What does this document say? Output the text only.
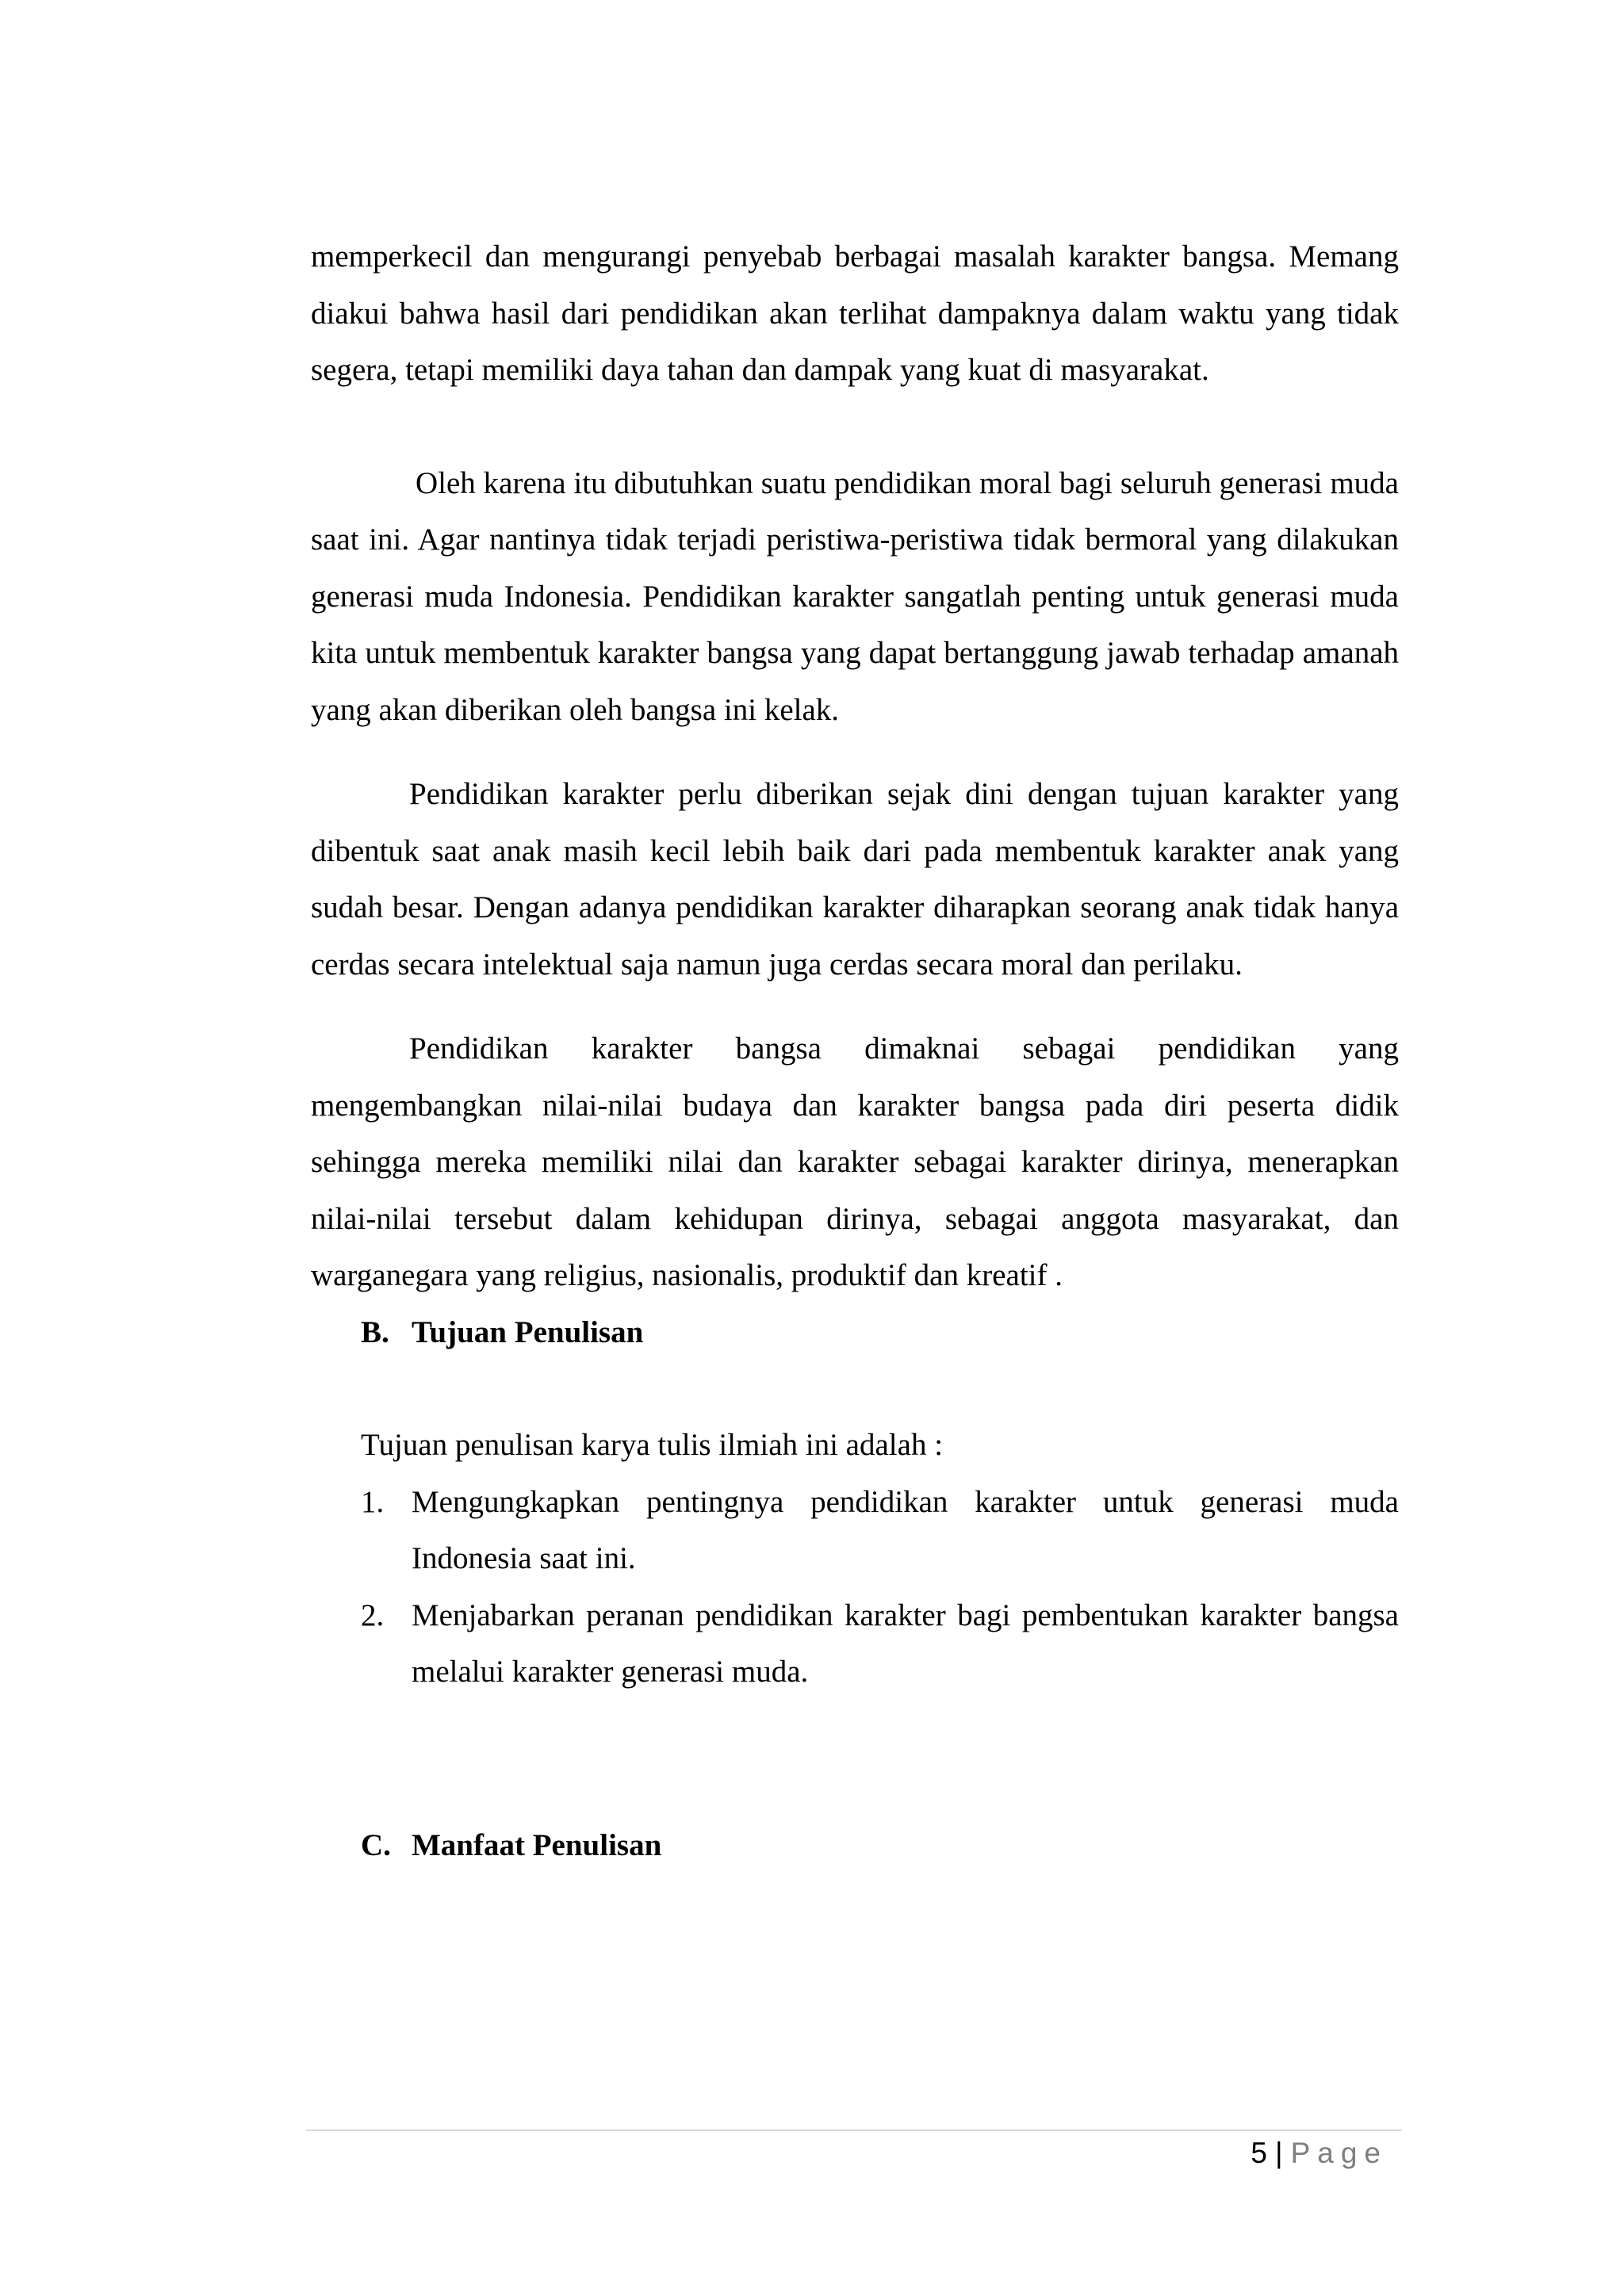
memperkecil dan mengurangi penyebab berbagai masalah karakter bangsa. Memang diakui bahwa hasil dari pendidikan akan terlihat dampaknya dalam waktu yang tidak segera, tetapi memiliki daya tahan dan dampak yang kuat di masyarakat.

Oleh karena itu dibutuhkan suatu pendidikan moral bagi seluruh generasi muda saat ini. Agar nantinya tidak terjadi peristiwa-peristiwa tidak bermoral yang dilakukan generasi muda Indonesia. Pendidikan karakter sangatlah penting untuk generasi muda kita untuk membentuk karakter bangsa yang dapat bertanggung jawab terhadap amanah yang akan diberikan oleh bangsa ini kelak.

Pendidikan karakter perlu diberikan sejak dini dengan tujuan karakter yang dibentuk saat anak masih kecil lebih baik dari pada membentuk karakter anak yang sudah besar. Dengan adanya pendidikan karakter diharapkan seorang anak tidak hanya cerdas secara intelektual saja namun juga cerdas secara moral dan perilaku.

Pendidikan karakter bangsa dimaknai sebagai pendidikan yang mengembangkan nilai-nilai budaya dan karakter bangsa pada diri peserta didik sehingga mereka memiliki nilai dan karakter sebagai karakter dirinya, menerapkan nilai-nilai tersebut dalam kehidupan dirinya, sebagai anggota masyarakat, dan warganegara yang religius, nasionalis, produktif dan kreatif .

B. Tujuan Penulisan

Tujuan penulisan karya tulis ilmiah ini adalah :

1. Mengungkapkan pentingnya pendidikan karakter untuk generasi muda Indonesia saat ini.
2. Menjabarkan peranan pendidikan karakter bagi pembentukan karakter bangsa melalui karakter generasi muda.
C. Manfaat Penulisan
5 | Page
